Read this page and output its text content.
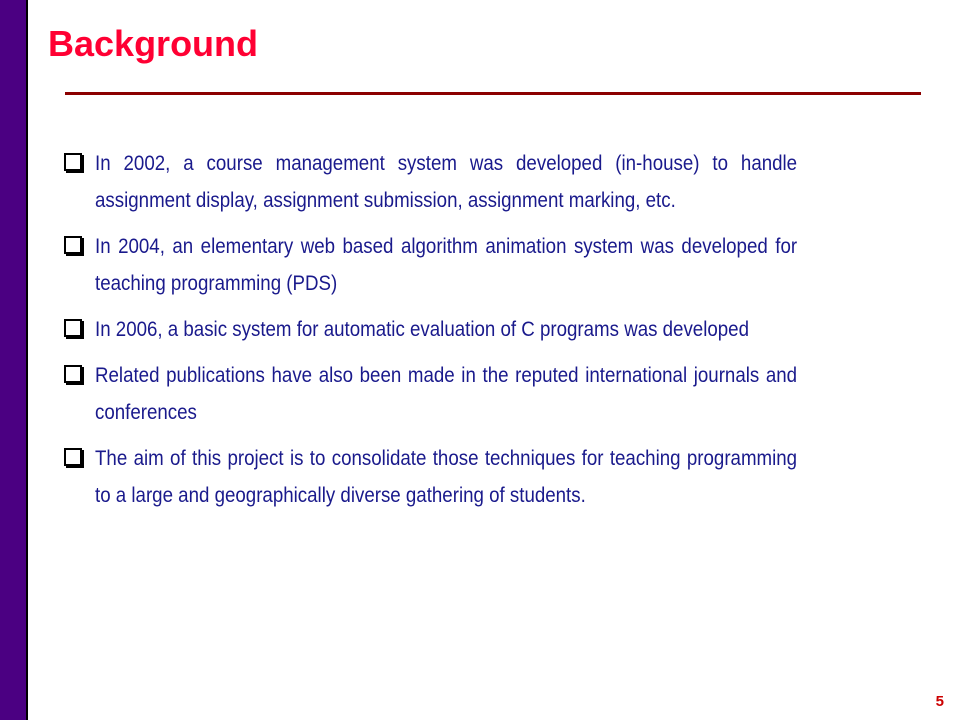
Background
In 2002, a course management system was developed (in-house) to handle assignment display, assignment submission, assignment marking, etc.
In 2004, an elementary web based algorithm animation system was developed for teaching programming (PDS)
In 2006, a basic system for automatic evaluation of C programs was developed
Related publications have also been made in the reputed international journals and conferences
The aim of this project is to consolidate those techniques for teaching programming to a large and geographically diverse gathering of students.
5
